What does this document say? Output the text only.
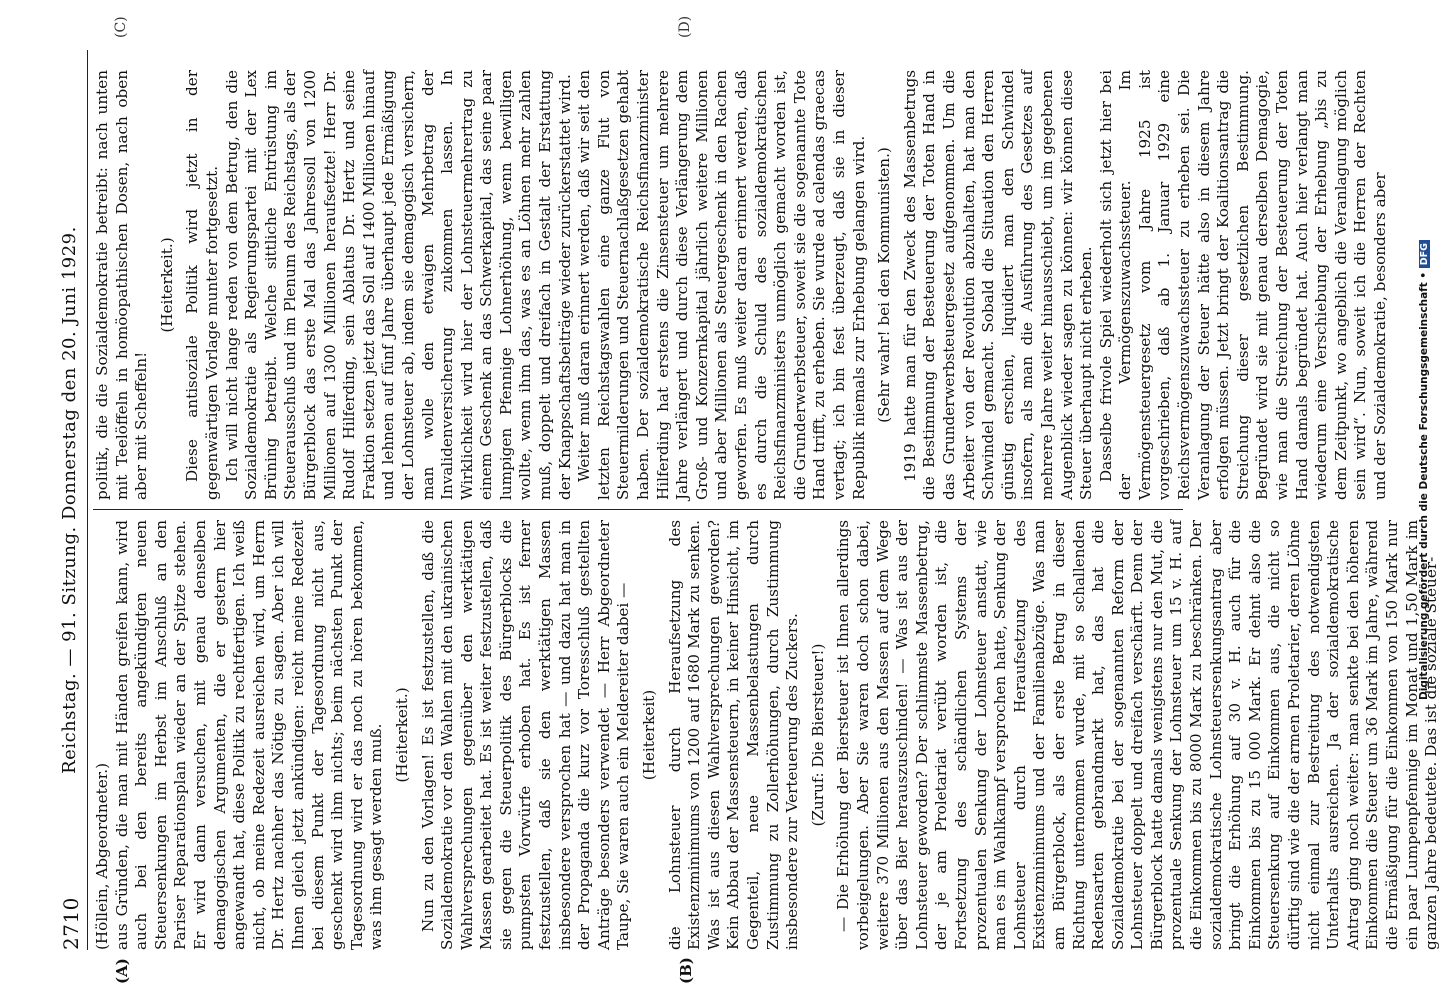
2710
Reichstag. — 91. Sitzung. Donnerstag den 20. Juni 1929.
(A)	(B)
(C)	(D)

(Höllein, Abgeordneter.) aus Gründen, die man mit Händen greifen kann, wird auch bei den bereits angekündigten neuen Steuersenkungen im Herbst im Anschluß an den Pariser Reparationsplan wieder an der Spitze stehen. Er wird dann versuchen, mit genau denselben demagogischen Argumenten, die er gestern hier angewandt hat, diese Politik zu rechtfertigen. Ich weiß nicht, ob meine Redezeit ausreichen wird, um Herrn Dr. Hertz nachher das Nötige zu sagen. Aber ich will Ihnen gleich jetzt ankündigen: reicht meine Redezeit bei diesem Punkt der Tagesordnung nicht aus, geschenkt wird ihm nichts; beim nächsten Punkt der Tagesordnung wird er das noch zu hören bekommen, was ihm gesagt werden muß. (Heiterkeit.) Nun zu den Vorlagen! Es ist festzustellen, daß die Sozialdemokratie vor den Wahlen mit den ukrainischen Wahlversprechungen gegenüber den werktätigen Massen gearbeitet hat. Es ist weiter festzustellen, daß sie gegen die Steuerpolitik des Bürgerblocks die pumpsten Vorwürfe erhoben hat. Es ist ferner festzustellen, daß sie den werktätigen Massen insbesondere versprochen hat — und dazu hat man in der Propaganda die kurz vor Toresschluß gestellten Anträge besonders verwendet — Herr Abgeordneter Taupe, Sie waren auch ein Meldereiter dabei — (Heiterkeit) die Lohnsteuer durch Heraufsetzung des Existenzminimums von 1200 auf 1680 Mark zu senken. Was ist aus diesen Wahlversprechungen geworden? Kein Abbau der Massensteuern, in keiner Hinsicht, im Gegenteil, neue Massenbelastungen durch Zustimmung zu Zollerhöhungen, durch Zustimmung insbesondere zur Verteuerung des Zuckers. (Zuruf: Die Biersteuer!) — Die Erhöhung der Biersteuer ist Ihnen allerdings vorbeigelungen. Aber Sie waren doch schon dabei, weitere 370 Millionen aus den Massen auf dem Wege über das Bier herauszuschinden! — Was ist aus der Lohnsteuer geworden? Der schlimmste Massenbetrug, der je am Proletariat verübt worden ist, die Fortsetzung des schändlichen Systems der prozentualen Senkung der Lohnsteuer anstatt, wie man es im Wahlkampf versprochen hatte, Senkung der Lohnsteuer durch Heraufsetzung des Existenzminimums und der Familienabzüge. Was man am Bürgerblock, als der erste Betrug in dieser Richtung unternommen wurde, mit so schallenden Redensarten gebrandmarkt hat, das hat die Sozialdemokratie bei der sogenannten Reform der Lohnsteuer doppelt und dreifach verschärft. Denn der Bürgerblock hatte damals wenigstens nur den Mut, die prozentuale Senkung der Lohnsteuer um 15 v. H. auf die Einkommen bis zu 8000 Mark zu beschränken. Der sozialdemokratische Lohnsteuersenkungsantrag aber bringt die Erhöhung auf 30 v. H. auch für die Einkommen bis zu 15 000 Mark. Er dehnt also die Steuersenkung auf Einkommen aus, die nicht so dürftig sind wie die der armen Proletarier, deren Löhne nicht einmal zur Bestreitung des notwendigsten Unterhalts ausreichen. Ja der sozialdemokratische Antrag ging noch weiter: man senkte bei den höheren Einkommen die Steuer um 36 Mark im Jahre, während die Ermäßigung für die Einkommen von 150 Mark nur ein paar Lumpenpfennige im Monat und 1,50 Mark im ganzen Jahre bedeutete. Das ist die soziale Steuer-

politik, die die Sozialdemokratie betreibt: nach unten mit Teelöffeln in homöopathischen Dosen, nach oben aber mit Scheffeln!

(Heiterkeit.) Diese antisoziale Politik wird jetzt in der gegenwärtigen Vorlage munter fortgesetzt. Ich will nicht lange reden von dem Betrug, den die Sozialdemokratie als Regierungspartei mit der Lex Brüning betreibt. Welche sittliche Entrüstung im Steuerausschuß und im Plenum des Reichstags, als der Bürgerblock das erste Mal das Jahressoll von 1200 Millionen auf 1300 Millionen heraufsetzte! Herr Dr. Rudolf Hilferding, sein Ablatus Dr. Hertz und seine Fraktion setzen jetzt das Soll auf 1400 Millionen hinauf und lehnen auf fünf Jahre überhaupt jede Ermäßigung der Lohnsteuer ab, indem sie demagogisch versichern, man wolle den etwaigen Mehrbetrag der Invalidenversicherung zukommen lassen. In Wirklichkeit wird hier der Lohnsteuermehrertrag zu einem Geschenk an das Schwerkapital, das seine paar lumpigen Pfennige Lohnerhöhung, wenn bewilligen wollte, wenn ihm das, was es an Löhnen mehr zahlen muß, doppelt und dreifach in Gestalt der Erstattung der Knappschaftsbeiträge wieder zurückerstattet wird. Weiter muß daran erinnert werden, daß wir seit den letzten Reichstagswahlen eine ganze Flut von Steuermilderungen und Steuernachlaßgesetzen gehabt haben. Der sozialdemokratische Reichsfinanzminister Hilferding hat erstens die Zinsensteuer um mehrere Jahre verlängert und durch diese Verlängerung dem Groß- und Konzernkapital jährlich weitere Millionen und aber Millionen als Steuergeschenk in den Rachen geworfen. Es muß weiter daran erinnert werden, daß es durch die Schuld des sozialdemokratischen Reichsfinanzministers unmöglich gemacht worden ist, die Grunderwerbsteuer, soweit sie die sogenannte Tote Hand trifft, zu erheben. Sie wurde ad calendas graecas vertagt; ich bin fest überzeugt, daß sie in dieser Republik niemals zur Erhebung gelangen wird. (Sehr wahr! bei den Kommunisten.) 1919 hatte man für den Zweck des Massenbetrugs die Bestimmung der Besteuerung der Toten Hand in das Grunderwerbsteuergesetz aufgenommen. Um die Arbeiter von der Revolution abzuhalten, hat man den Schwindel gemacht. Sobald die Situation den Herren günstig erschien, liquidiert man den Schwindel insofern, als man die Ausführung des Gesetzes auf mehrere Jahre weiter hinausschiebt, um im gegebenen Augenblick wieder sagen zu können: wir können diese Steuer überhaupt nicht erheben. Dasselbe frivole Spiel wiederholt sich jetzt hier bei der Vermögenszuwachssteuer. Im Vermögensteuergesetz vom Jahre 1925 ist vorgeschrieben, daß ab 1. Januar 1929 eine Reichsvermögenszuwachssteuer zu erheben sei. Die Veranlagung der Steuer hätte also in diesem Jahre erfolgen müssen. Jetzt bringt der Koalitionsantrag die Streichung dieser gesetzlichen Bestimmung. Begründet wird sie mit genau derselben Demagogie, wie man die Streichung der Besteuerung der Toten Hand damals begründet hat. Auch hier verlangt man wiederum eine Verschiebung der Erhebung „bis zu dem Zeitpunkt, wo angeblich die Veranlagung möglich sein wird“. Nun, soweit ich die Herren der Rechten und der Sozialdemokratie, besonders aber	Digitalisierung gefördert durch die Deutsche Forschungsgemeinschaft • DFG
